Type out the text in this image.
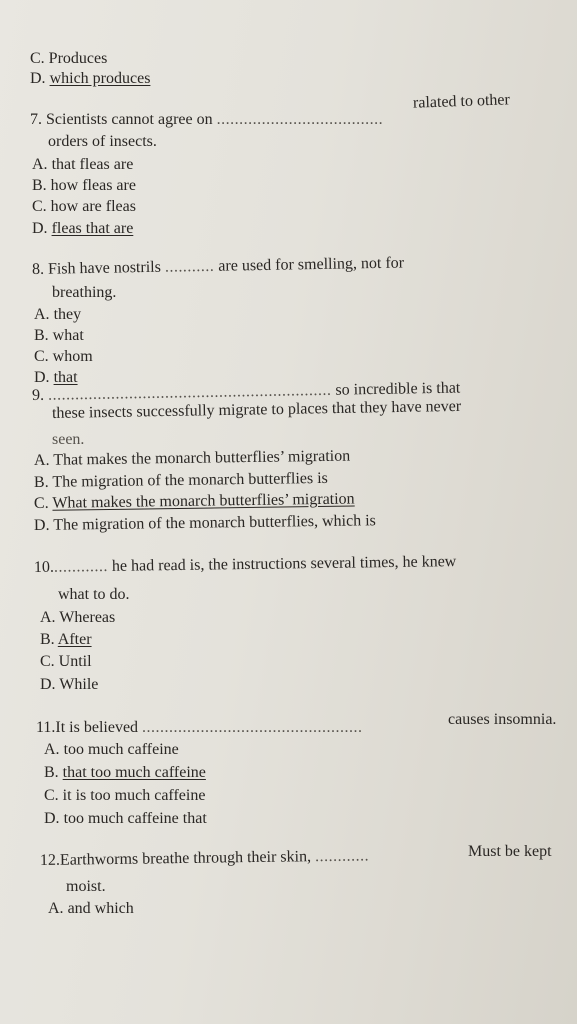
C. Produces
D. which produces
7. Scientists cannot agree on .....................................
ralated to other
orders of insects.
A. that fleas are
B. how fleas are
C. how are fleas
D. fleas that are
8. Fish have nostrils ........... are used for smelling, not for
breathing.
A. they
B. what
C. whom
D. that
9. ............................................................... so incredible is that
these insects successfully migrate to places that they have never
seen.
A. That makes the monarch butterflies’ migration
B. The migration of the monarch butterflies is
C. What makes the monarch butterflies’ migration
D. The migration of the monarch butterflies, which is
10............. he had read is, the instructions several times, he knew
what to do.
A. Whereas
B. After
C. Until
D. While
11.It is believed .................................................	causes insomnia.
A. too much caffeine
B. that too much caffeine
C. it is too much caffeine
D. too much caffeine that
12.Earthworms breathe through their skin, ............	Must be kept
moist.
A. and which
